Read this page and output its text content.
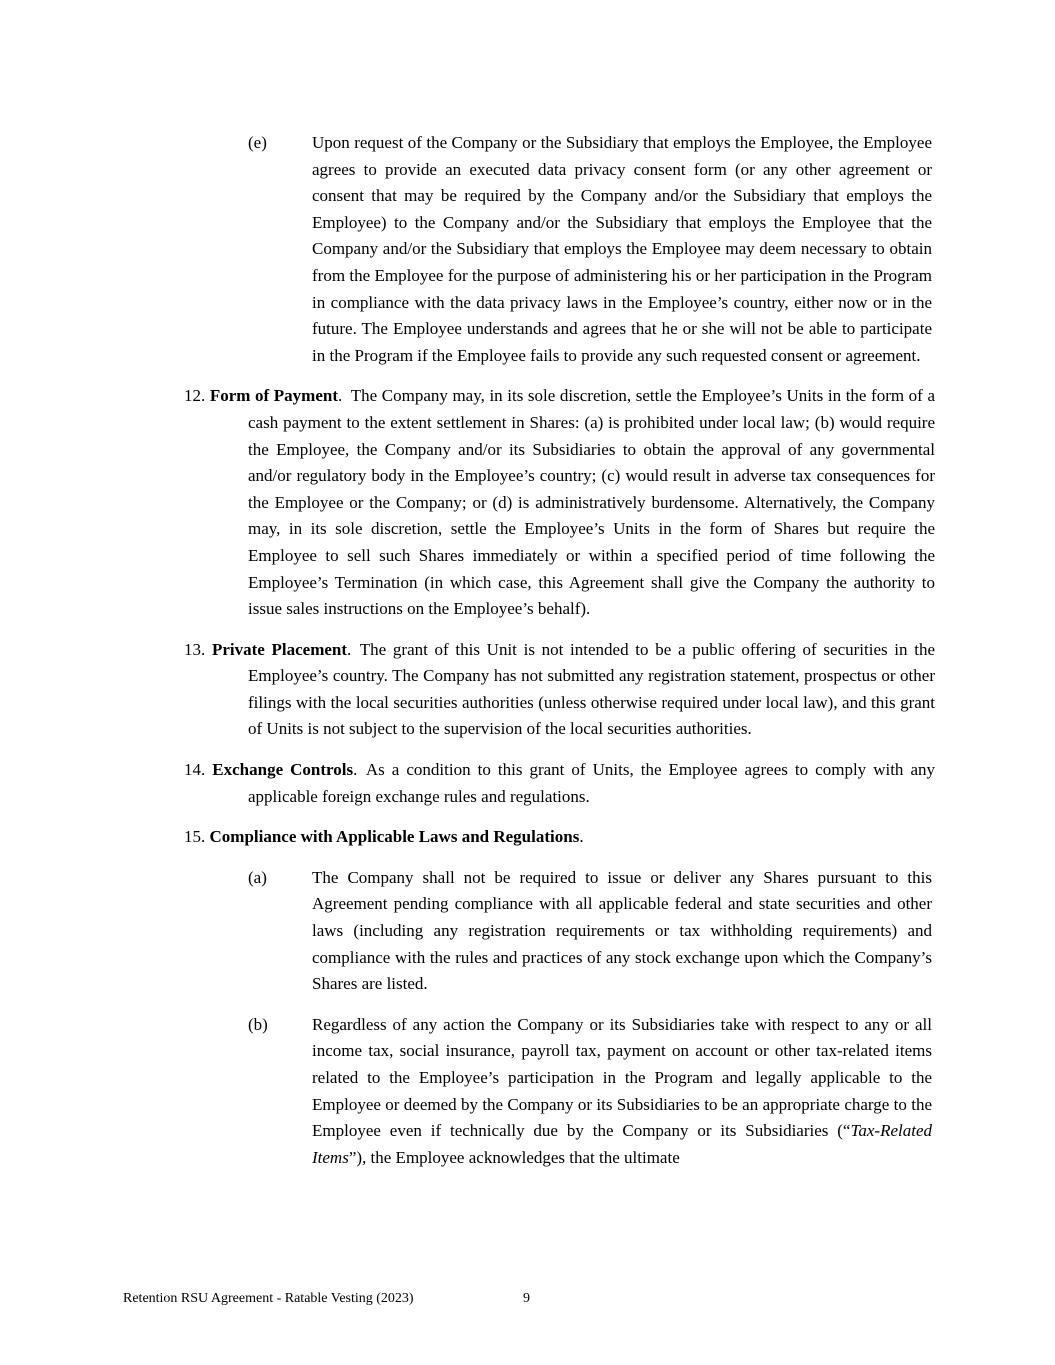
(e)	Upon request of the Company or the Subsidiary that employs the Employee, the Employee agrees to provide an executed data privacy consent form (or any other agreement or consent that may be required by the Company and/or the Subsidiary that employs the Employee) to the Company and/or the Subsidiary that employs the Employee that the Company and/or the Subsidiary that employs the Employee may deem necessary to obtain from the Employee for the purpose of administering his or her participation in the Program in compliance with the data privacy laws in the Employee’s country, either now or in the future. The Employee understands and agrees that he or she will not be able to participate in the Program if the Employee fails to provide any such requested consent or agreement.

12. Form of Payment. The Company may, in its sole discretion, settle the Employee’s Units in the form of a cash payment to the extent settlement in Shares: (a) is prohibited under local law; (b) would require the Employee, the Company and/or its Subsidiaries to obtain the approval of any governmental and/or regulatory body in the Employee’s country; (c) would result in adverse tax consequences for the Employee or the Company; or (d) is administratively burdensome. Alternatively, the Company may, in its sole discretion, settle the Employee’s Units in the form of Shares but require the Employee to sell such Shares immediately or within a specified period of time following the Employee’s Termination (in which case, this Agreement shall give the Company the authority to issue sales instructions on the Employee’s behalf).

13. Private Placement. The grant of this Unit is not intended to be a public offering of securities in the Employee’s country. The Company has not submitted any registration statement, prospectus or other filings with the local securities authorities (unless otherwise required under local law), and this grant of Units is not subject to the supervision of the local securities authorities.

14. Exchange Controls. As a condition to this grant of Units, the Employee agrees to comply with any applicable foreign exchange rules and regulations.

15. Compliance with Applicable Laws and Regulations.

(a)	The Company shall not be required to issue or deliver any Shares pursuant to this Agreement pending compliance with all applicable federal and state securities and other laws (including any registration requirements or tax withholding requirements) and compliance with the rules and practices of any stock exchange upon which the Company’s Shares are listed.

(b)	Regardless of any action the Company or its Subsidiaries take with respect to any or all income tax, social insurance, payroll tax, payment on account or other tax-related items related to the Employee’s participation in the Program and legally applicable to the Employee or deemed by the Company or its Subsidiaries to be an appropriate charge to the Employee even if technically due by the Company or its Subsidiaries (“Tax-Related Items”), the Employee acknowledges that the ultimate

Retention RSU Agreement - Ratable Vesting (2023)	9
